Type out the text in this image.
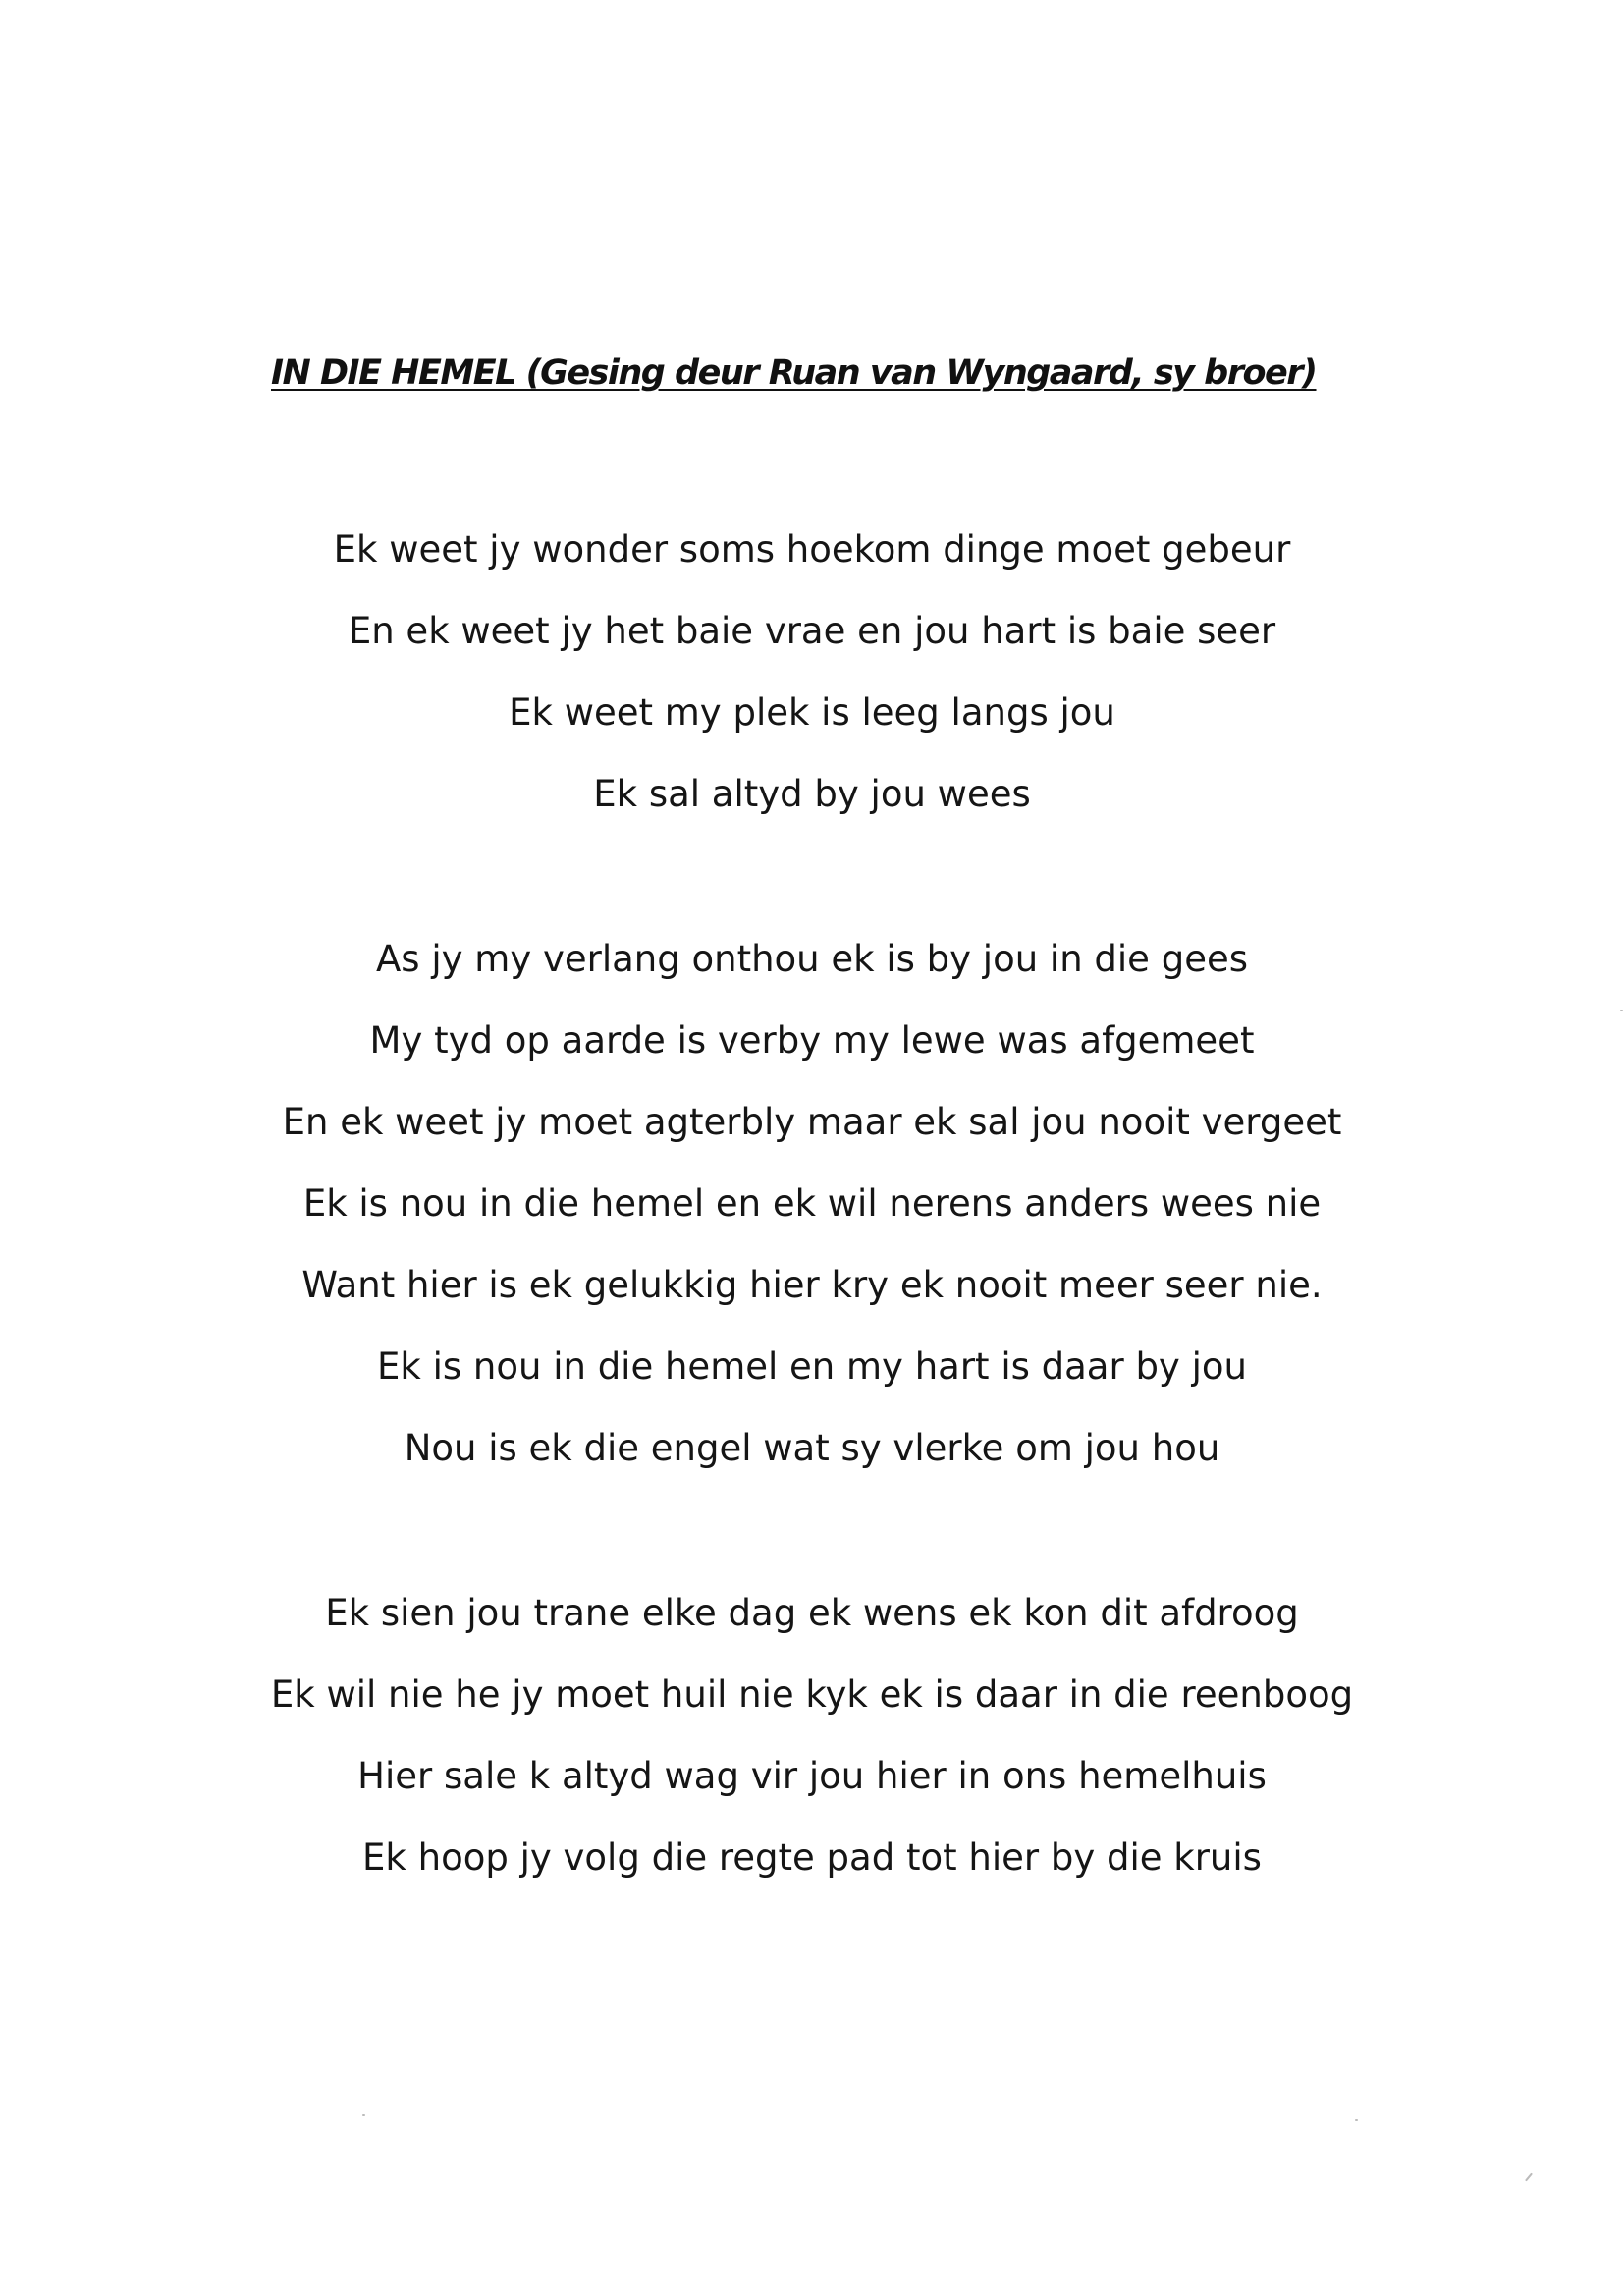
IN DIE HEMEL (Gesing deur Ruan van Wyngaard, sy broer)
Ek weet jy wonder soms hoekom dinge moet gebeur
En ek weet jy het baie vrae en jou hart is baie seer
Ek weet my plek is leeg langs jou
Ek sal altyd by jou wees
As jy my verlang onthou ek is by jou in die gees
My tyd op aarde is verby my lewe was afgemeet
En ek weet jy moet agterbly maar ek sal jou nooit vergeet
Ek is nou in die hemel en ek wil nerens anders wees nie
Want hier is ek gelukkig hier kry ek nooit meer seer nie.
Ek is nou in die hemel en my hart is daar by jou
Nou is ek die engel wat sy vlerke om jou hou
Ek sien jou trane elke dag ek wens ek kon dit afdroog
Ek wil nie he jy moet huil nie kyk ek is daar in die reenboog
Hier sale k altyd wag vir jou hier in ons hemelhuis
Ek hoop jy volg die regte pad tot hier by die kruis
